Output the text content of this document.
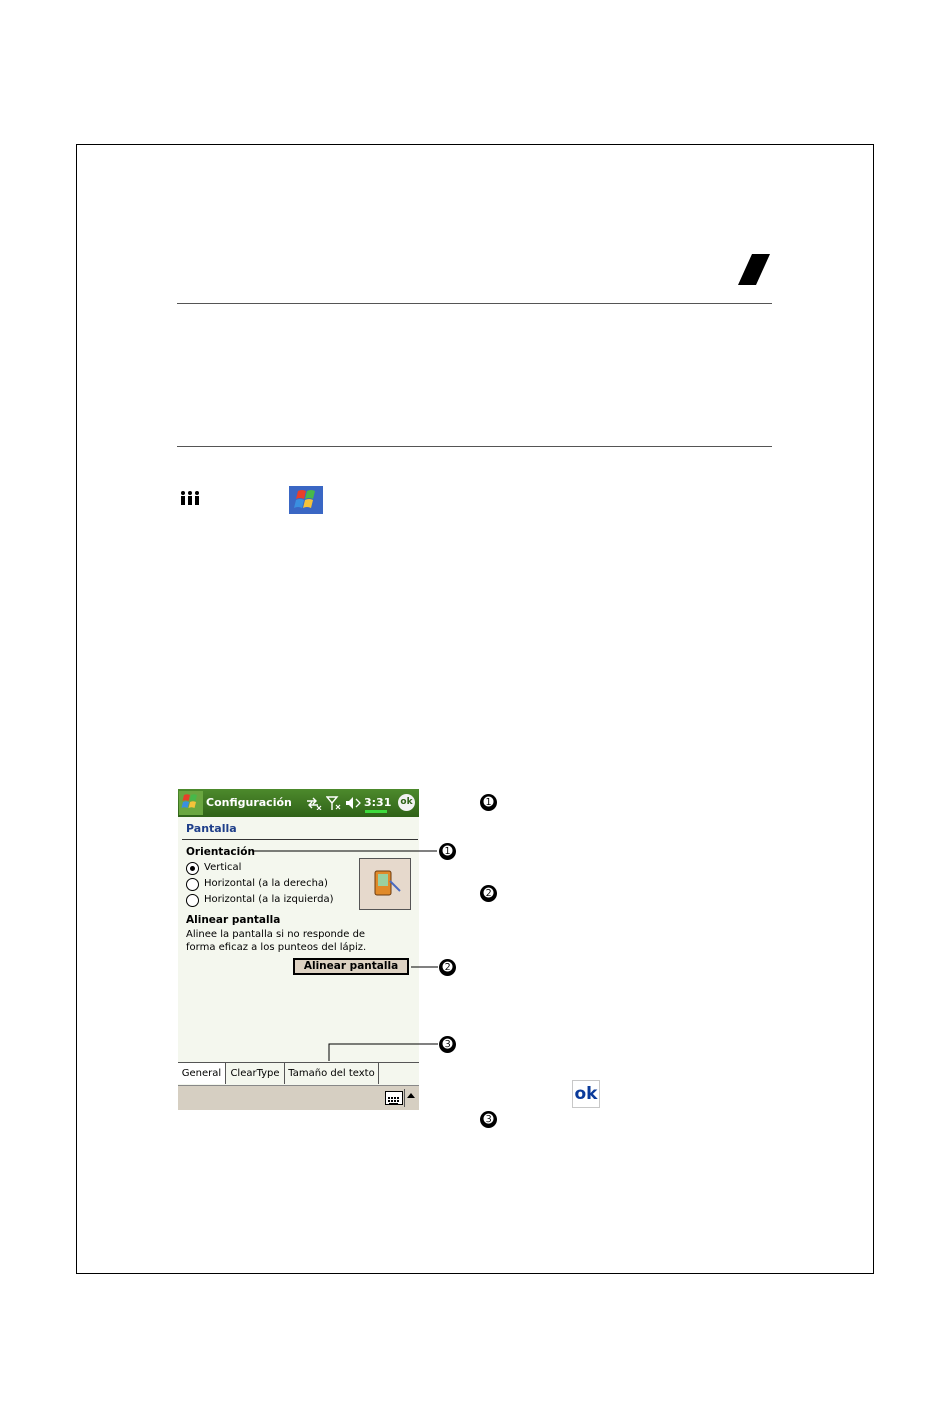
Configuración	3:31 ok
Pantalla
Orientación
Vertical
Horizontal (a la derecha)
Horizontal (a la izquierda)
Alinear pantalla
Alinee la pantalla si no responde de
forma eficaz a los punteos del lápiz.
Alinear pantalla
General ClearType Tamaño del texto
➊
➋
➌
➊
➋
➌
ok
